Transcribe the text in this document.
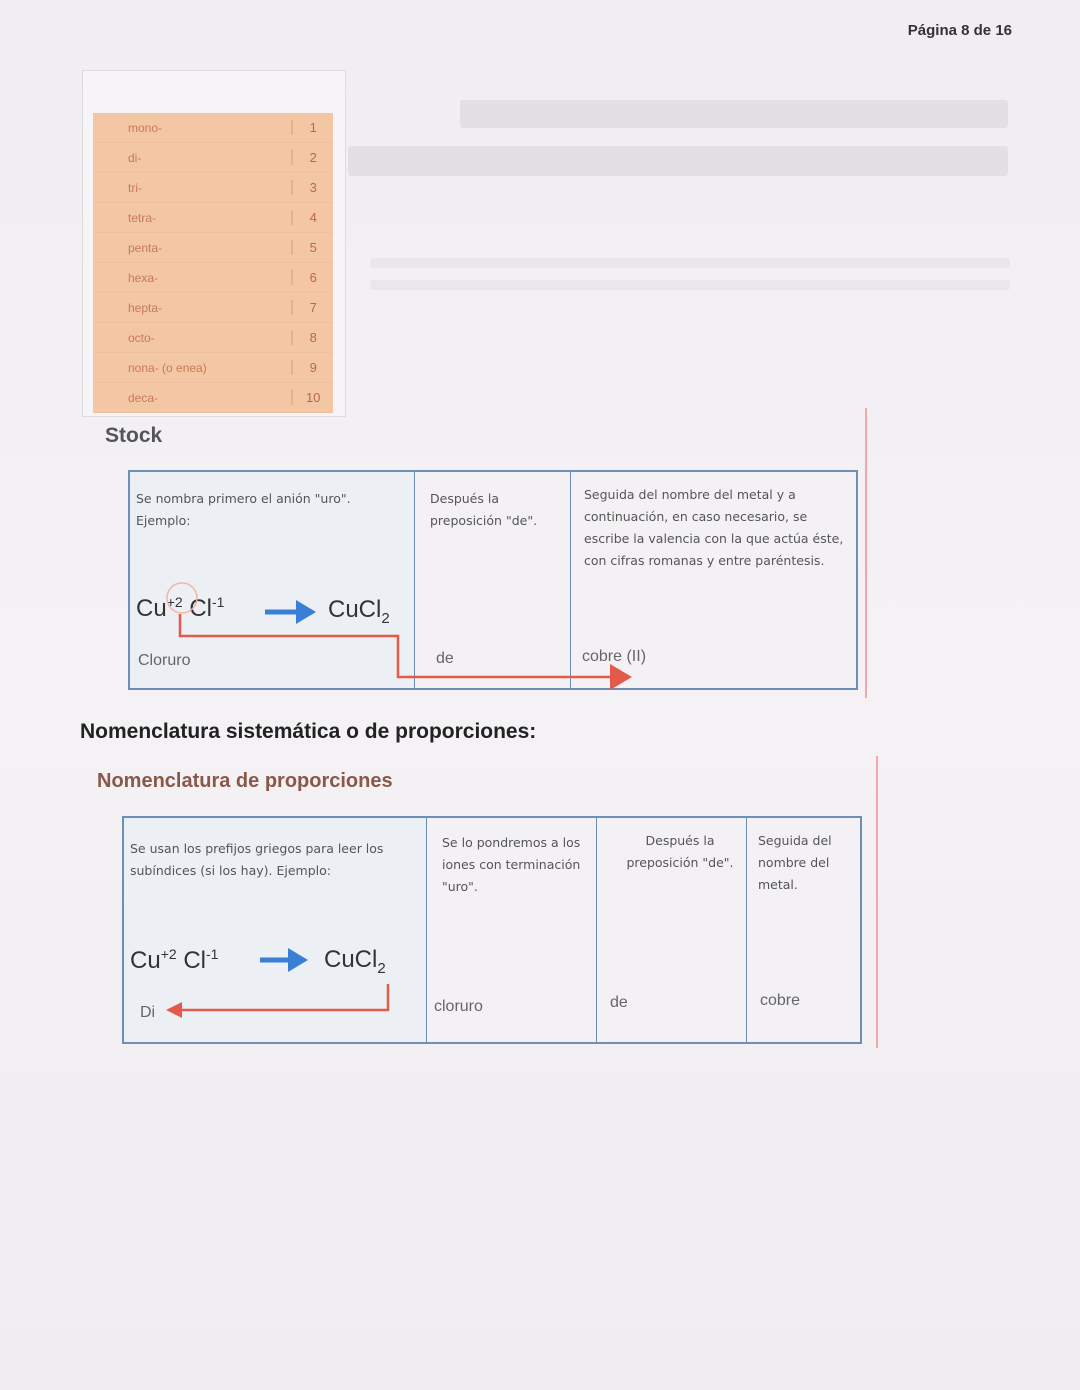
Página 8 de 16
mono-	1
di-	2
tri-	3
tetra-	4
penta-	5
hexa-	6
hepta-	7
octo-	8
nona- (o enea)	9
deca-	10
Stock
Se nombra primero el anión "uro". Ejemplo:
Después la preposición "de".
Seguida del nombre del metal y a continuación, en caso necesario, se escribe la valencia con la que actúa éste, con cifras romanas y entre paréntesis.
$Cu^{+2}$ $Cl^{-1}$	CuCl$_2$
Cloruro	de	cobre (II)
Nomenclatura sistemática o de proporciones:
Nomenclatura de proporciones
Se usan los prefijos griegos para leer los subíndices (si los hay). Ejemplo:
Se lo pondremos a los iones con terminación "uro".
Después la preposición "de".
Seguida del nombre del metal.
$Cu^{+2}$ $Cl^{-1}$	CuCl$_2$
Di	cloruro	de	cobre
